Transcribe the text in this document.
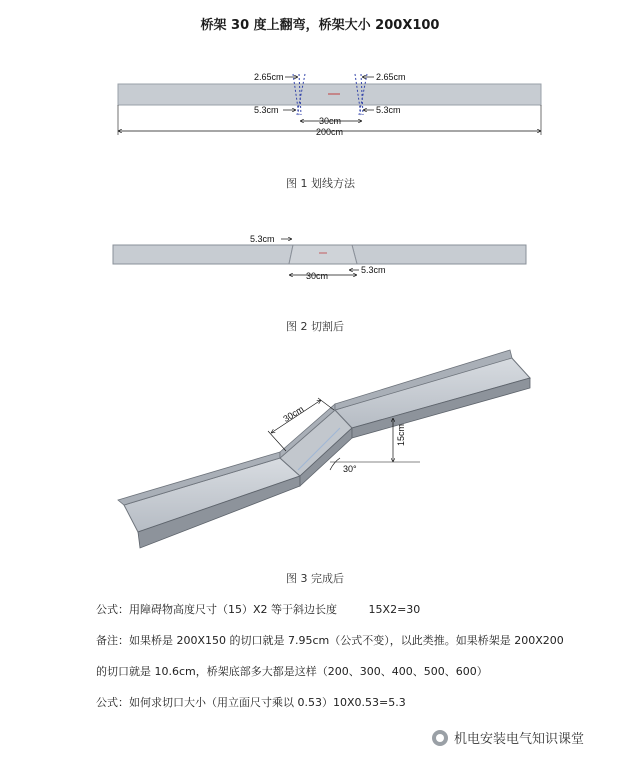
桥架 30 度上翻弯，桥架大小 200X100
2.65cm	2.65cm
5.3cm	5.3cm
30cm
200cm
5.3cm
30cm
5.3cm
30cm
15cm
30°
图 1 划线方法
图 2 切割后
图 3 完成后
公式：用障碍物高度尺寸（15）X2 等于斜边长度	15X2=30
备注：如果桥是 200X150 的切口就是 7.95cm（公式不变），以此类推。如果桥架是 200X200
的切口就是 10.6cm，桥架底部多大都是这样（200、300、400、500、600）
公式：如何求切口大小（用立面尺寸乘以 0.53）10X0.53=5.3
机电安装电气知识课堂
